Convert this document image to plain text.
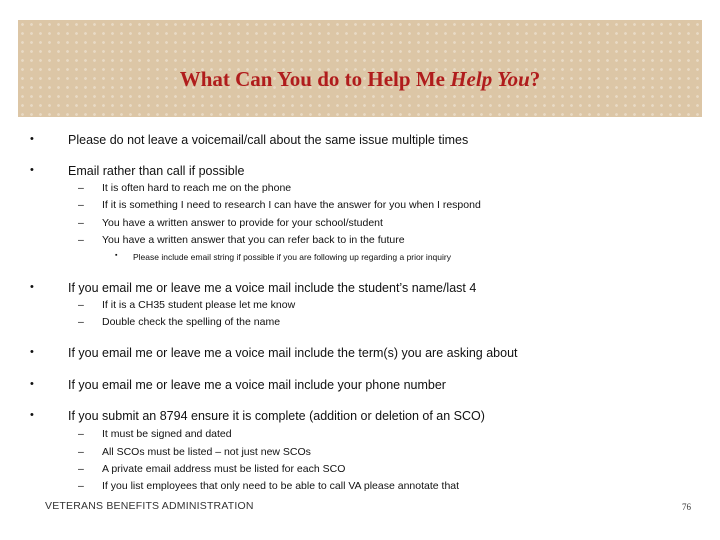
What Can You do to Help Me Help You?
•	Please do not leave a voicemail/call about the same issue multiple times
•	Email rather than call if possible
– It is often hard to reach me on the phone
– If it is something I need to research I can have the answer for you when I respond
– You have a written answer to provide for your school/student
– You have a written answer that you can refer back to in the future
▪ Please include email string if possible if you are following up regarding a prior inquiry
•	If you email me or leave me a voice mail include the student’s name/last 4
– If it is a CH35 student please let me know
– Double check the spelling of the name
•	If you email me or leave me a voice mail include the term(s) you are asking about
•	If you email me or leave me a voice mail include your phone number
•	If you submit an 8794 ensure it is complete (addition or deletion of an SCO)
– It must be signed and dated
– All SCOs must be listed – not just new SCOs
– A private email address must be listed for each SCO
– If you list employees that only need to be able to call VA please annotate that
VETERANS BENEFITS ADMINISTRATION	76
